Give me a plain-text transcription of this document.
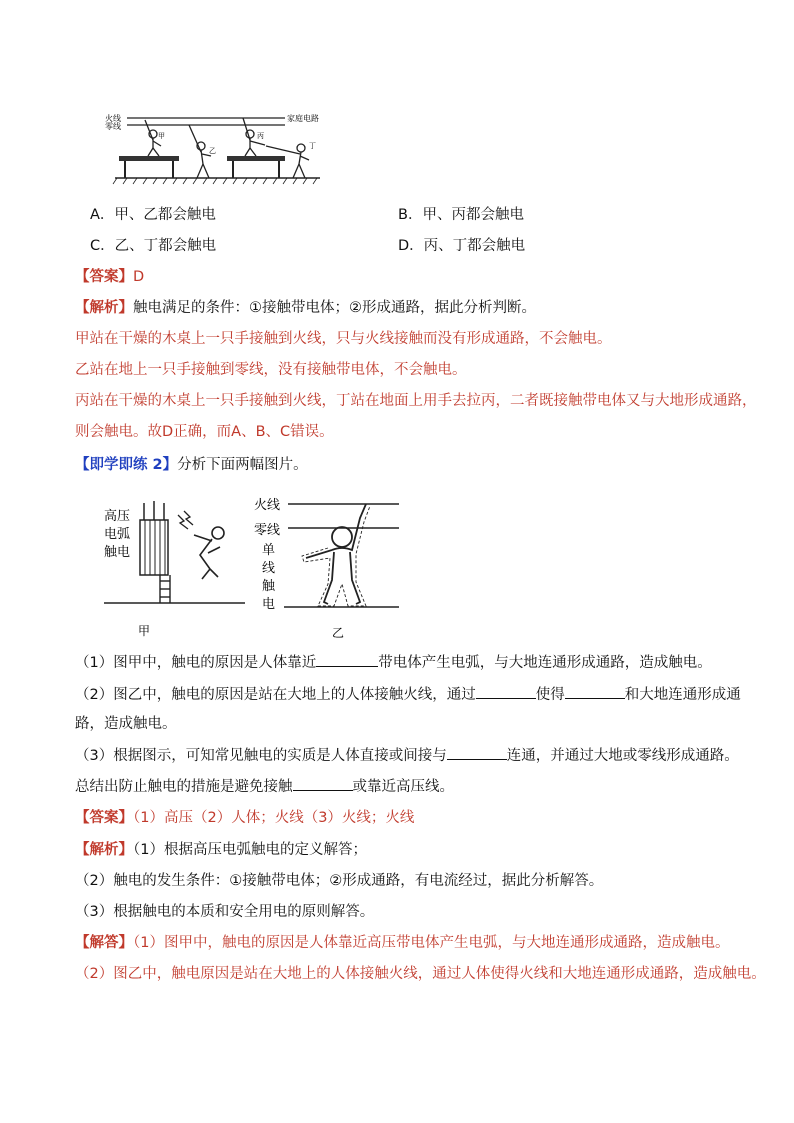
火线
零线
家庭电路
甲
乙
丙
丁
A．甲、乙都会触电	B．甲、丙都会触电
C．乙、丁都会触电	D．丙、丁都会触电
【答案】D
【解析】触电满足的条件：①接触带电体；②形成通路，据此分析判断。
甲站在干燥的木桌上一只手接触到火线，只与火线接触而没有形成通路，不会触电。
乙站在地上一只手接触到零线，没有接触带电体，不会触电。
丙站在干燥的木桌上一只手接触到火线，丁站在地面上用手去拉丙，二者既接触带电体又与大地形成通路，
则会触电。故D正确，而A、B、C错误。
【即学即练 2】分析下面两幅图片。
高压
电弧
触电
甲
火线
零线
单
线
触
电
乙
（1）图甲中，触电的原因是人体靠近	带电体产生电弧，与大地连通形成通路，造成触电。
（2）图乙中，触电的原因是站在大地上的人体接触火线，通过	使得	和大地连通形成通
路，造成触电。
（3）根据图示，可知常见触电的实质是人体直接或间接与	连通，并通过大地或零线形成通路。
总结出防止触电的措施是避免接触	或靠近高压线。
【答案】（1）高压（2）人体；火线（3）火线；火线
【解析】（1）根据高压电弧触电的定义解答；
（2）触电的发生条件：①接触带电体；②形成通路，有电流经过，据此分析解答。
（3）根据触电的本质和安全用电的原则解答。
【解答】（1）图甲中，触电的原因是人体靠近高压带电体产生电弧，与大地连通形成通路，造成触电。
（2）图乙中，触电原因是站在大地上的人体接触火线，通过人体使得火线和大地连通形成通路，造成触电。
